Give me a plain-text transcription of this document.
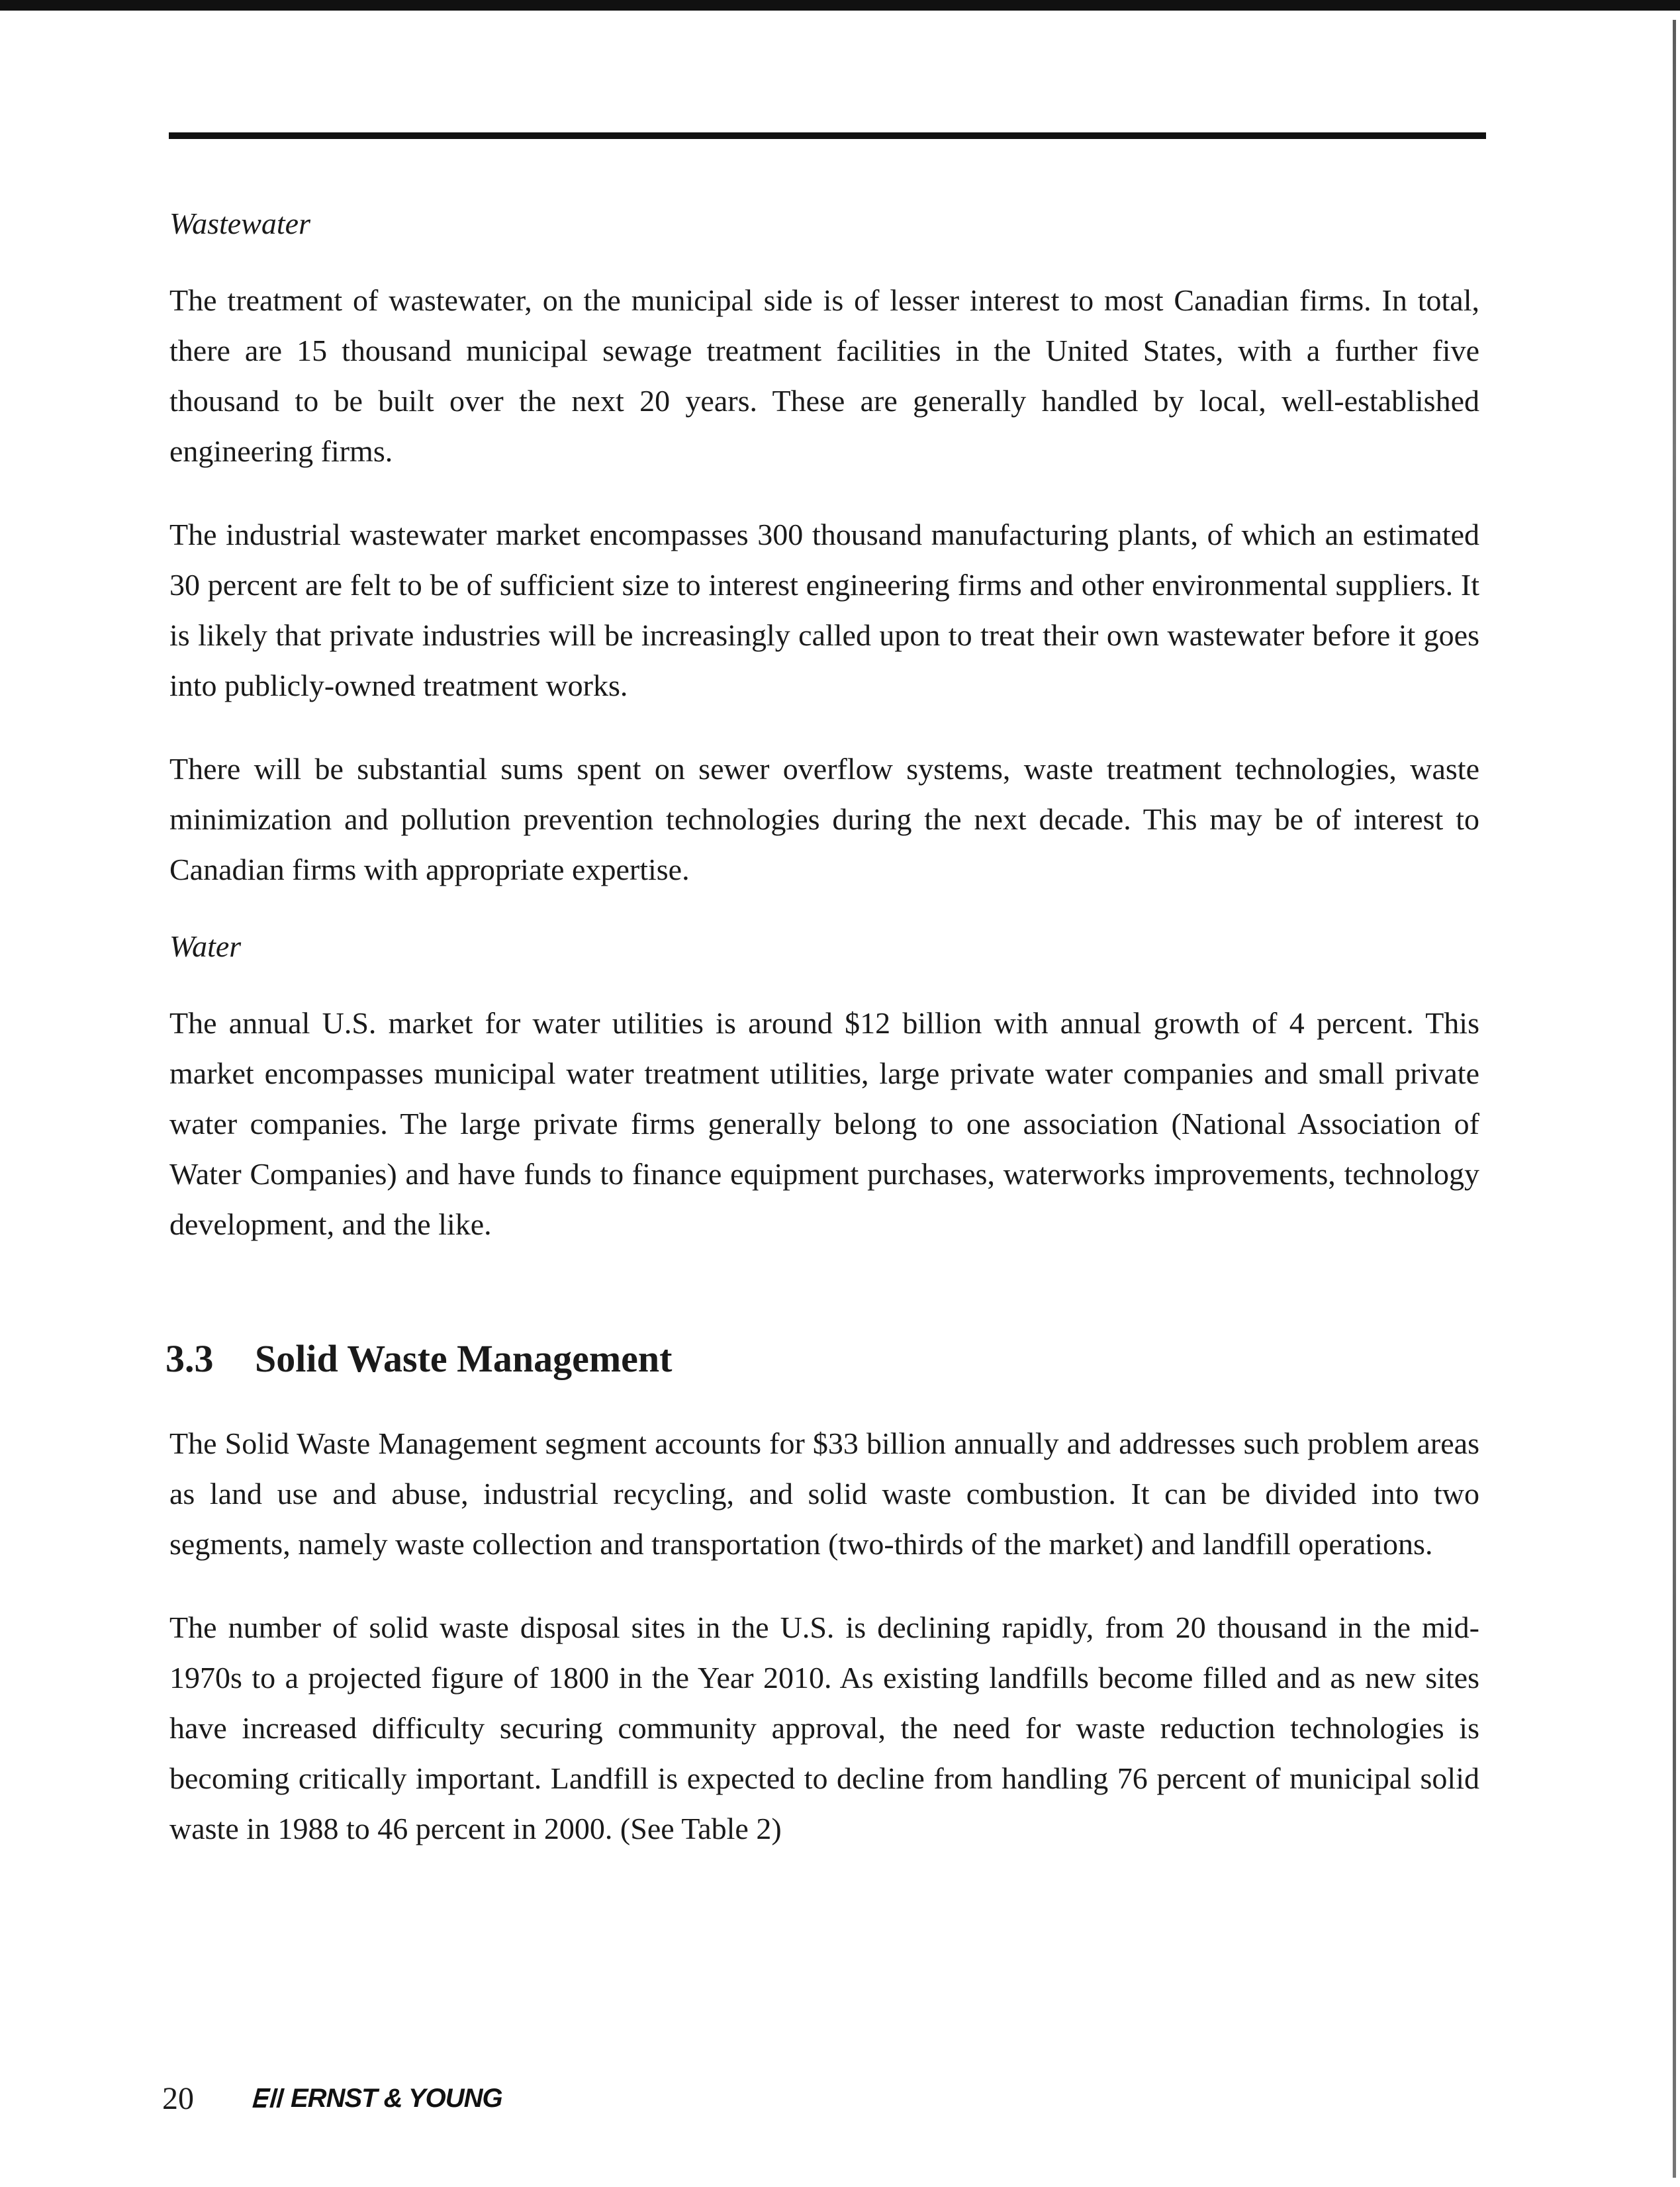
Wastewater

The treatment of wastewater, on the municipal side is of lesser interest to most Canadian firms. In total, there are 15 thousand municipal sewage treatment facilities in the United States, with a further five thousand to be built over the next 20 years. These are generally handled by local, well-established engineering firms.

The industrial wastewater market encompasses 300 thousand manufacturing plants, of which an estimated 30 percent are felt to be of sufficient size to interest engineering firms and other environmental suppliers. It is likely that private industries will be increasingly called upon to treat their own wastewater before it goes into publicly-owned treatment works.

There will be substantial sums spent on sewer overflow systems, waste treatment technologies, waste minimization and pollution prevention technologies during the next decade. This may be of interest to Canadian firms with appropriate expertise.

Water

The annual U.S. market for water utilities is around $12 billion with annual growth of 4 percent. This market encompasses municipal water treatment utilities, large private water companies and small private water companies. The large private firms generally belong to one association (National Association of Water Companies) and have funds to finance equipment purchases, waterworks improvements, technology development, and the like.

3.3 Solid Waste Management

The Solid Waste Management segment accounts for $33 billion annually and addresses such problem areas as land use and abuse, industrial recycling, and solid waste combustion. It can be divided into two segments, namely waste collection and transportation (two-thirds of the market) and landfill operations.

The number of solid waste disposal sites in the U.S. is declining rapidly, from 20 thousand in the mid-1970s to a projected figure of 1800 in the Year 2010. As existing landfills become filled and as new sites have increased difficulty securing community approval, the need for waste reduction technologies is becoming critically important. Landfill is expected to decline from handling 76 percent of municipal solid waste in 1988 to 46 percent in 2000. (See Table 2)

20	ERNST & YOUNG
